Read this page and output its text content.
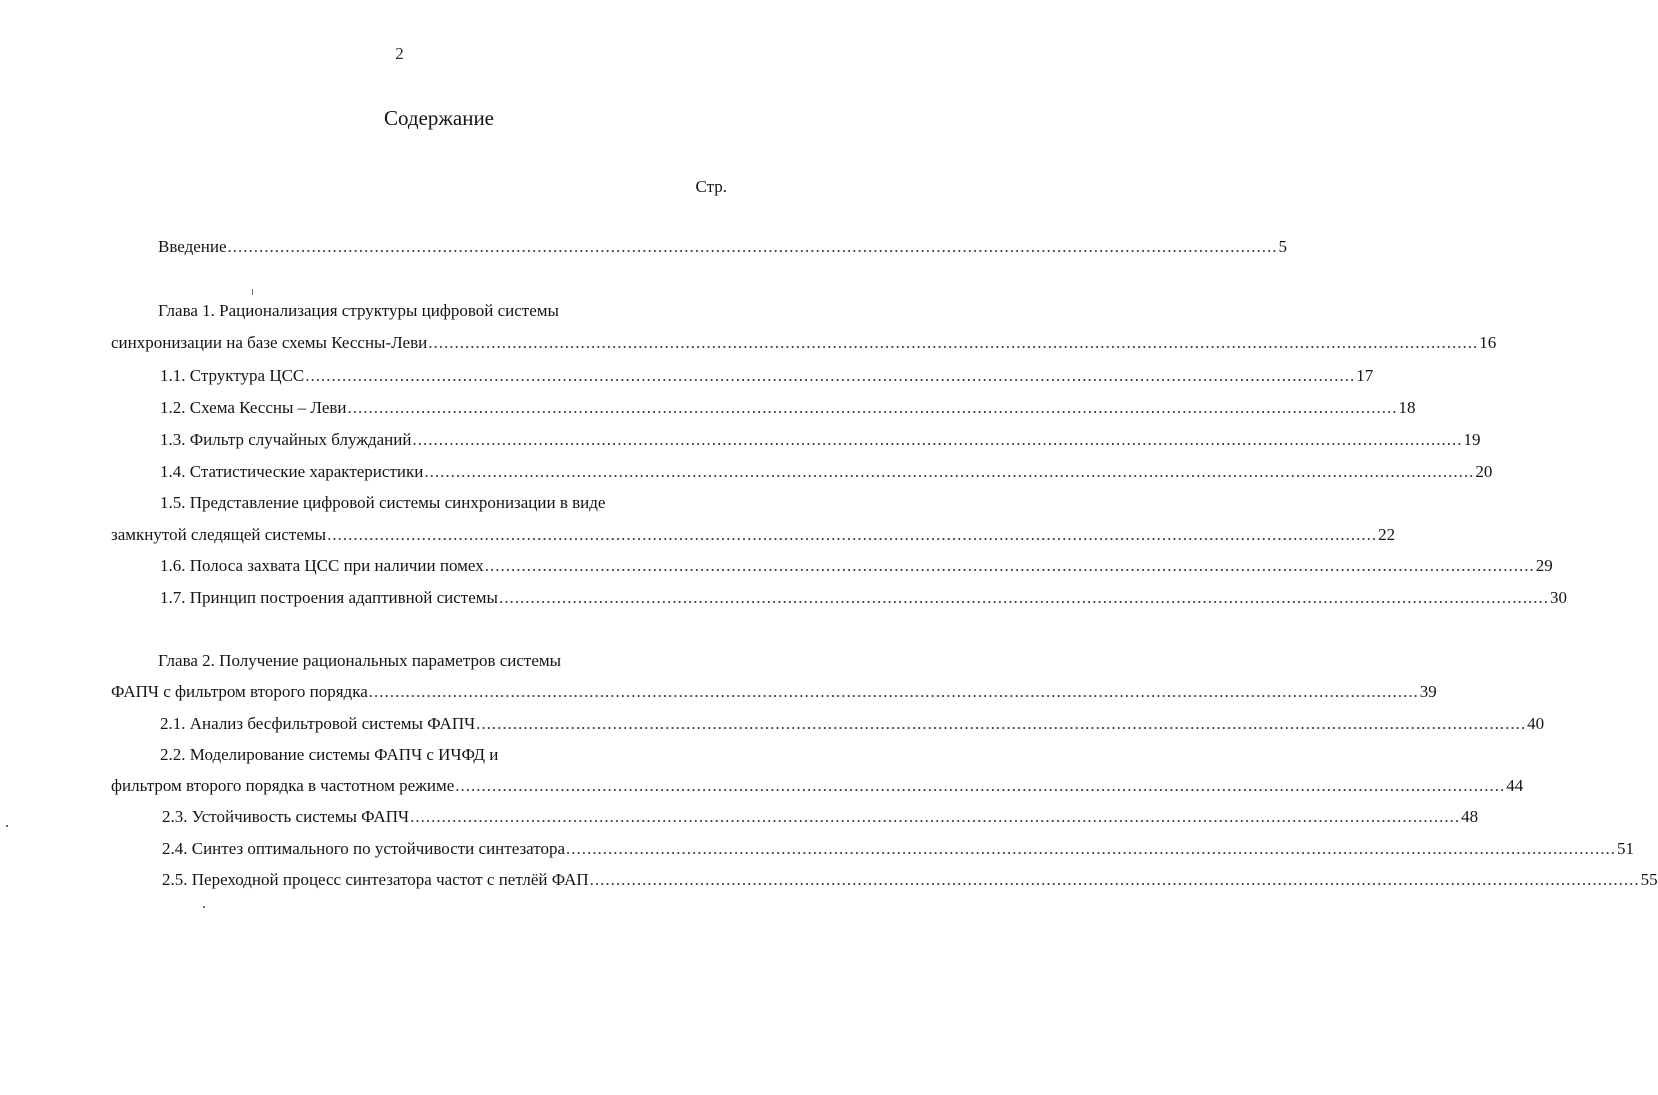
2
Содержание
Стр.
Введение ........................................................................................................................................................................................................ 5
Глава 1. Рационализация структуры цифровой системы
синхронизации на базе схемы Кессны-Леви ........................................................................................................................................................................................................ 16
1.1. Структура ЦСС ........................................................................................................................................................................................................ 17
1.2. Схема Кессны – Леви ........................................................................................................................................................................................................ 18
1.3. Фильтр случайных блужданий ........................................................................................................................................................................................................ 19
1.4. Статистические характеристики ........................................................................................................................................................................................................ 20
1.5. Представление цифровой системы синхронизации в виде
замкнутой следящей системы ........................................................................................................................................................................................................ 22
1.6. Полоса захвата ЦСС при наличии помех ........................................................................................................................................................................................................ 29
1.7. Принцип построения адаптивной системы ........................................................................................................................................................................................................ 30
Глава 2. Получение рациональных параметров системы
ФАПЧ с фильтром второго порядка ........................................................................................................................................................................................................ 39
2.1. Анализ бесфильтровой системы ФАПЧ ........................................................................................................................................................................................................ 40
2.2. Моделирование системы ФАПЧ с ИЧФД и
фильтром второго порядка в частотном режиме ........................................................................................................................................................................................................ 44
2.3. Устойчивость системы ФАПЧ ........................................................................................................................................................................................................ 48
2.4. Синтез оптимального по устойчивости синтезатора ........................................................................................................................................................................................................ 51
2.5. Переходной процесс синтезатора частот с петлёй ФАП ........................................................................................................................................................................................................ 55
